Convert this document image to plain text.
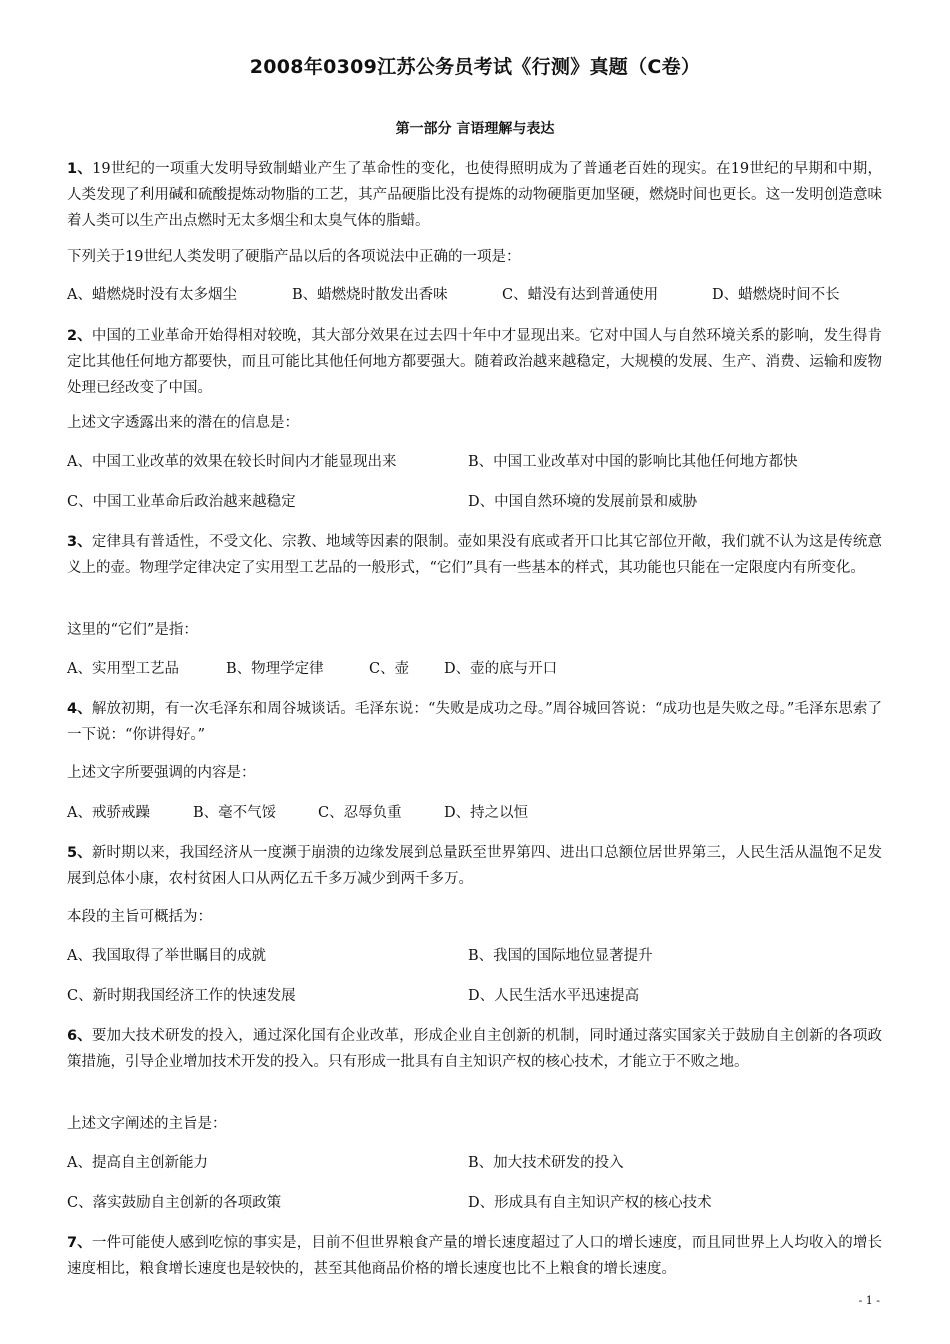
2008年0309江苏公务员考试《行测》真题（C卷）
第一部分 言语理解与表达
1、19世纪的一项重大发明导致制蜡业产生了革命性的变化，也使得照明成为了普通老百姓的现实。在19世纪的早期和中期，人类发现了利用碱和硫酸提炼动物脂的工艺，其产品硬脂比没有提炼的动物硬脂更加坚硬，燃烧时间也更长。这一发明创造意味着人类可以生产出点燃时无太多烟尘和太臭气体的脂蜡。
下列关于19世纪人类发明了硬脂产品以后的各项说法中正确的一项是：
A、蜡燃烧时没有太多烟尘	B、蜡燃烧时散发出香味	C、蜡没有达到普通使用	D、蜡燃烧时间不长
2、中国的工业革命开始得相对较晚，其大部分效果在过去四十年中才显现出来。它对中国人与自然环境关系的影响，发生得肯定比其他任何地方都要快，而且可能比其他任何地方都要强大。随着政治越来越稳定，大规模的发展、生产、消费、运输和废物处理已经改变了中国。
上述文字透露出来的潜在的信息是：
A、中国工业改革的效果在较长时间内才能显现出来	B、中国工业改革对中国的影响比其他任何地方都快
C、中国工业革命后政治越来越稳定	D、中国自然环境的发展前景和威胁
3、定律具有普适性，不受文化、宗教、地域等因素的限制。壶如果没有底或者开口比其它部位开敞，我们就不认为这是传统意义上的壶。物理学定律决定了实用型工艺品的一般形式，“它们”具有一些基本的样式，其功能也只能在一定限度内有所变化。
这里的“它们”是指：
A、实用型工艺品	B、物理学定律	C、壶 D、壶的底与开口
4、解放初期，有一次毛泽东和周谷城谈话。毛泽东说：“失败是成功之母。”周谷城回答说：“成功也是失败之母。”毛泽东思索了一下说：“你讲得好。”
上述文字所要强调的内容是：
A、戒骄戒躁	B、毫不气馁	C、忍辱负重	D、持之以恒
5、新时期以来，我国经济从一度濒于崩溃的边缘发展到总量跃至世界第四、进出口总额位居世界第三，人民生活从温饱不足发展到总体小康，农村贫困人口从两亿五千多万减少到两千多万。
本段的主旨可概括为：
A、我国取得了举世瞩目的成就	B、我国的国际地位显著提升
C、新时期我国经济工作的快速发展	D、人民生活水平迅速提高
6、要加大技术研发的投入，通过深化国有企业改革，形成企业自主创新的机制，同时通过落实国家关于鼓励自主创新的各项政策措施，引导企业增加技术开发的投入。只有形成一批具有自主知识产权的核心技术，才能立于不败之地。
上述文字阐述的主旨是：
A、提高自主创新能力	B、加大技术研发的投入
C、落实鼓励自主创新的各项政策	D、形成具有自主知识产权的核心技术
7、一件可能使人感到吃惊的事实是，目前不但世界粮食产量的增长速度超过了人口的增长速度，而且同世界上人均收入的增长速度相比，粮食增长速度也是较快的，甚至其他商品价格的增长速度也比不上粮食的增长速度。
- 1 -
